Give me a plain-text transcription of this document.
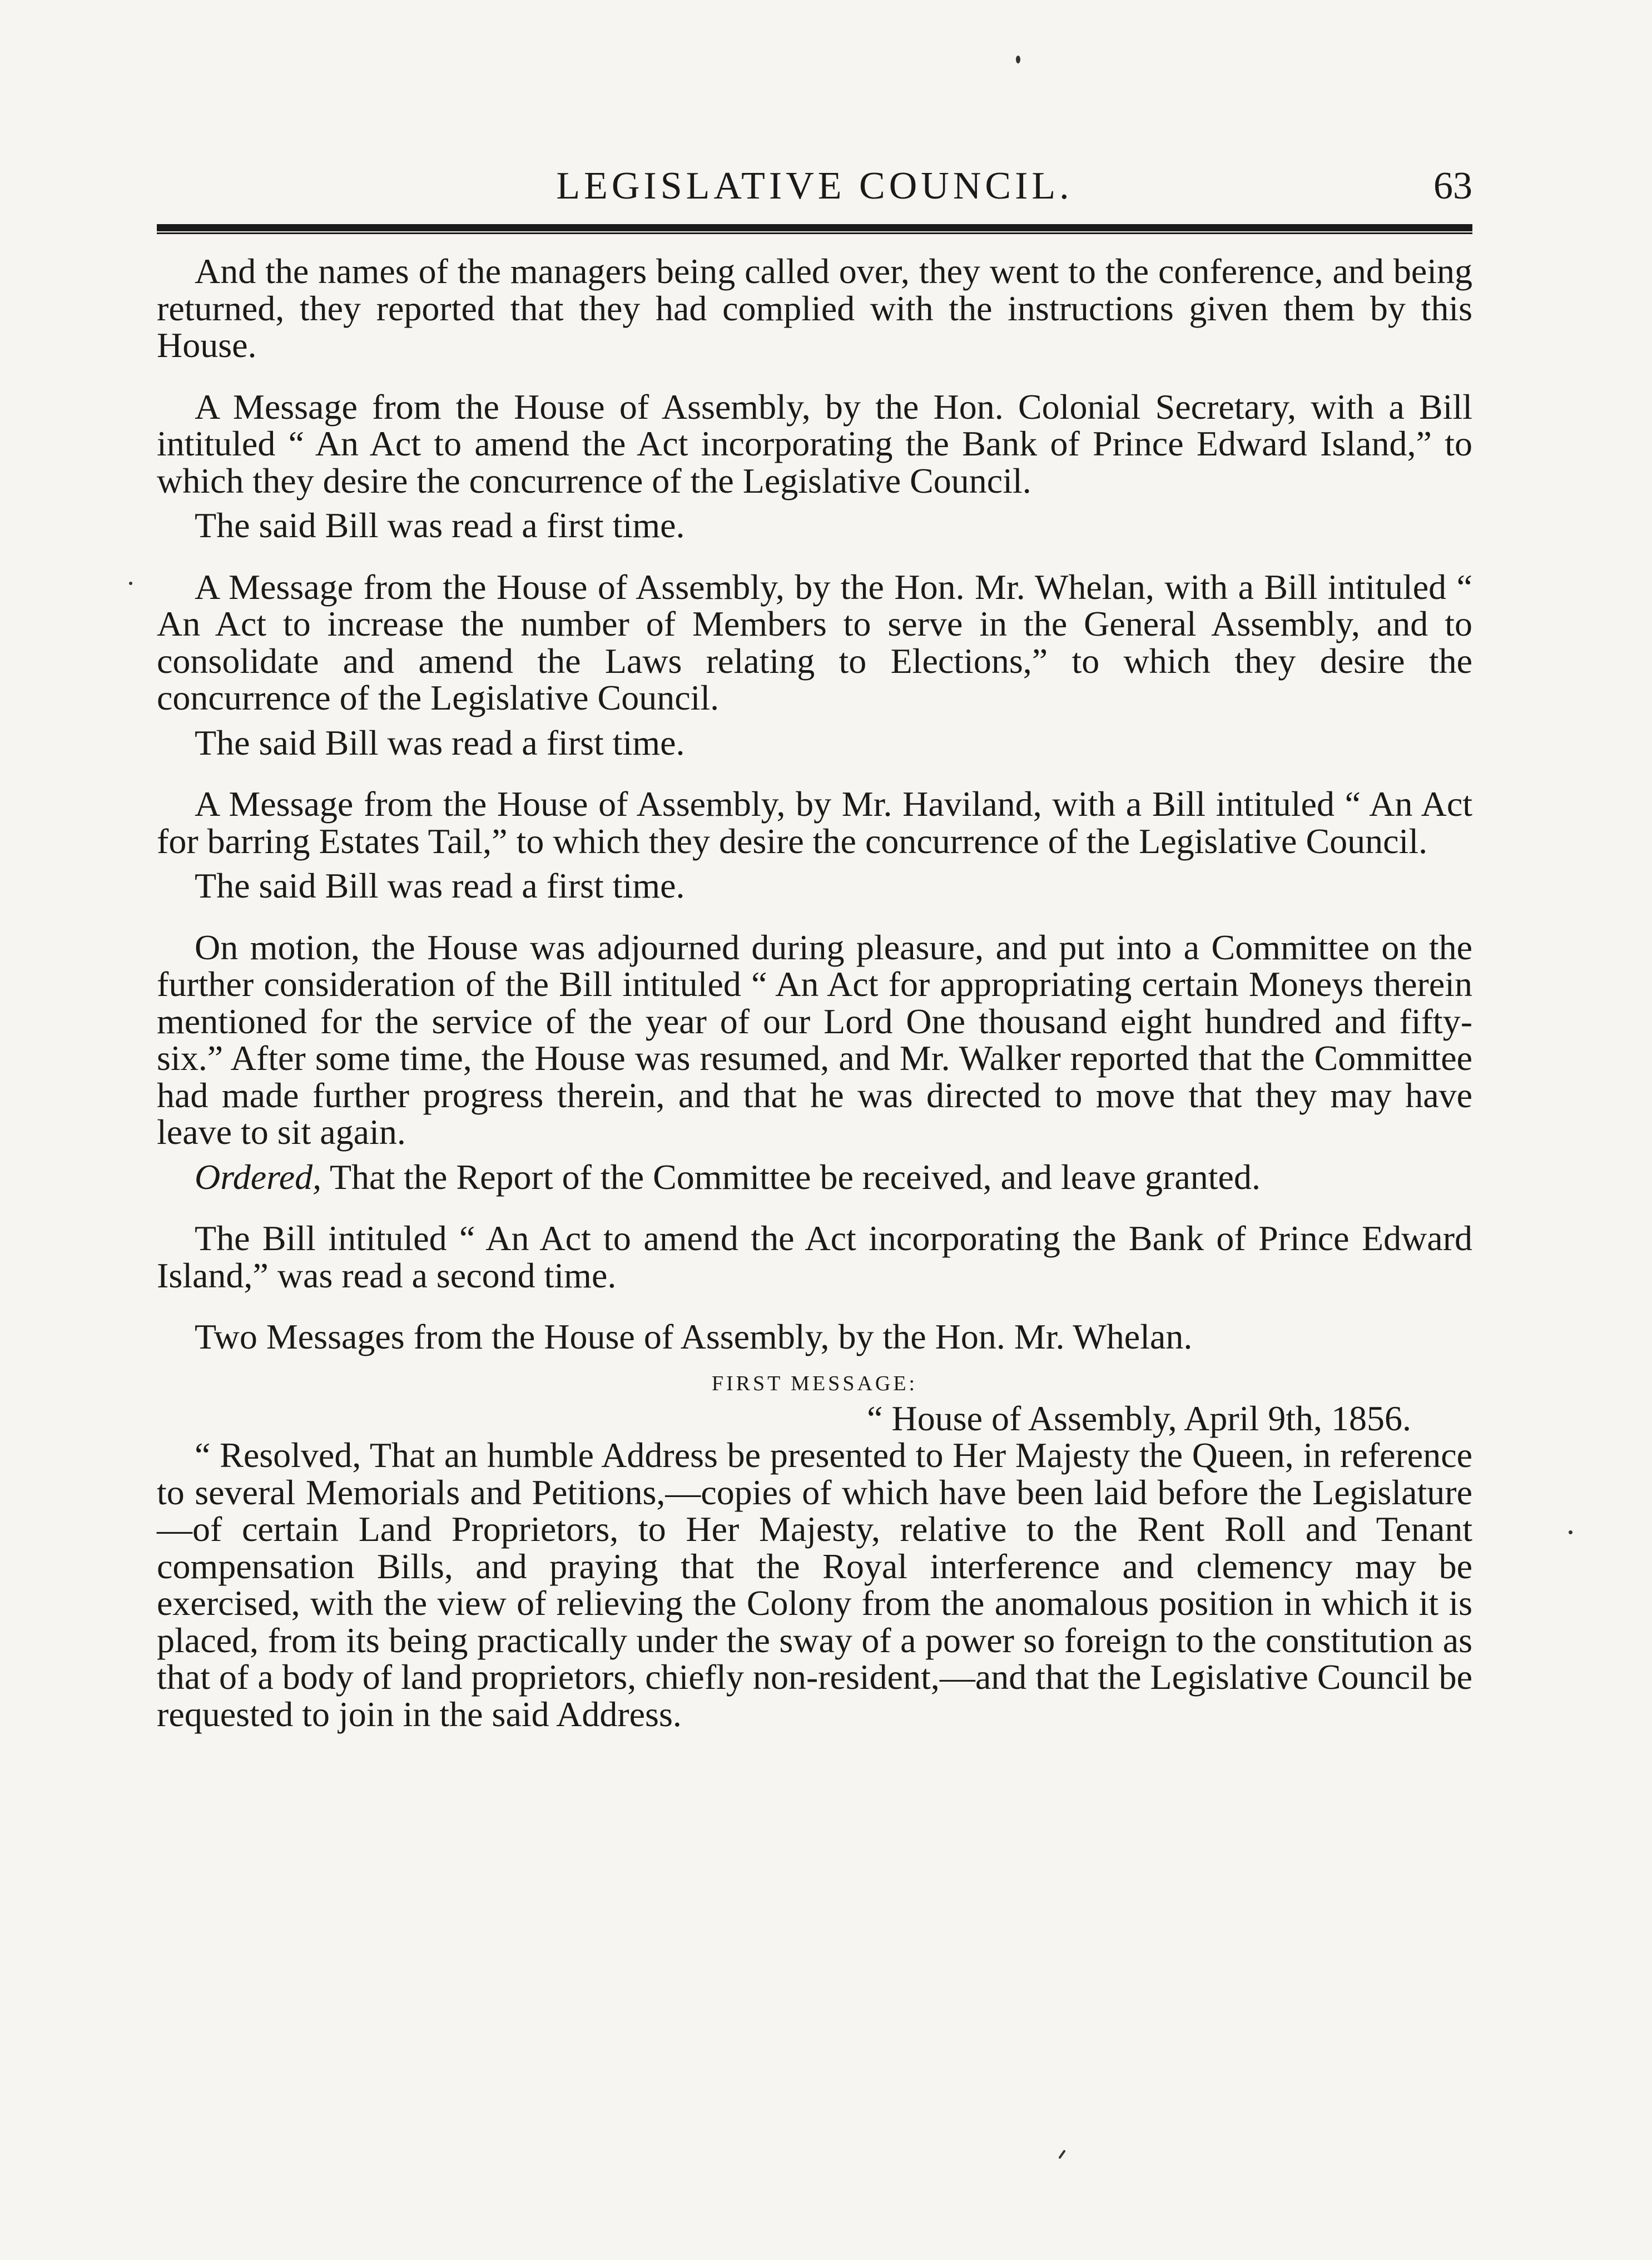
LEGISLATIVE COUNCIL.	63

And the names of the managers being called over, they went to the conference, and being returned, they reported that they had complied with the instructions given them by this House.

A Message from the House of Assembly, by the Hon. Colonial Secretary, with a Bill intituled “ An Act to amend the Act incorporating the Bank of Prince Edward Island,” to which they desire the concurrence of the Legislative Council.

The said Bill was read a first time.

A Message from the House of Assembly, by the Hon. Mr. Whelan, with a Bill intituled “ An Act to increase the number of Members to serve in the General Assembly, and to consolidate and amend the Laws relating to Elections,” to which they desire the concurrence of the Legislative Council.

The said Bill was read a first time.

A Message from the House of Assembly, by Mr. Haviland, with a Bill intituled “ An Act for barring Estates Tail,” to which they desire the concurrence of the Legislative Council.

The said Bill was read a first time.

On motion, the House was adjourned during pleasure, and put into a Committee on the further consideration of the Bill intituled “ An Act for appropriating certain Moneys therein mentioned for the service of the year of our Lord One thousand eight hundred and fifty-six.” After some time, the House was resumed, and Mr. Walker reported that the Committee had made further progress therein, and that he was directed to move that they may have leave to sit again.

Ordered, That the Report of the Committee be received, and leave granted.

The Bill intituled “ An Act to amend the Act incorporating the Bank of Prince Edward Island,” was read a second time.

Two Messages from the House of Assembly, by the Hon. Mr. Whelan.

FIRST MESSAGE:

“ House of Assembly, April 9th, 1856.

“ Resolved, That an humble Address be presented to Her Majesty the Queen, in reference to several Memorials and Petitions,—copies of which have been laid before the Legislature—of certain Land Proprietors, to Her Majesty, relative to the Rent Roll and Tenant compensation Bills, and praying that the Royal interference and clemency may be exercised, with the view of relieving the Colony from the anomalous position in which it is placed, from its being practically under the sway of a power so foreign to the constitution as that of a body of land proprietors, chiefly non-resident,—and that the Legislative Council be requested to join in the said Address.
